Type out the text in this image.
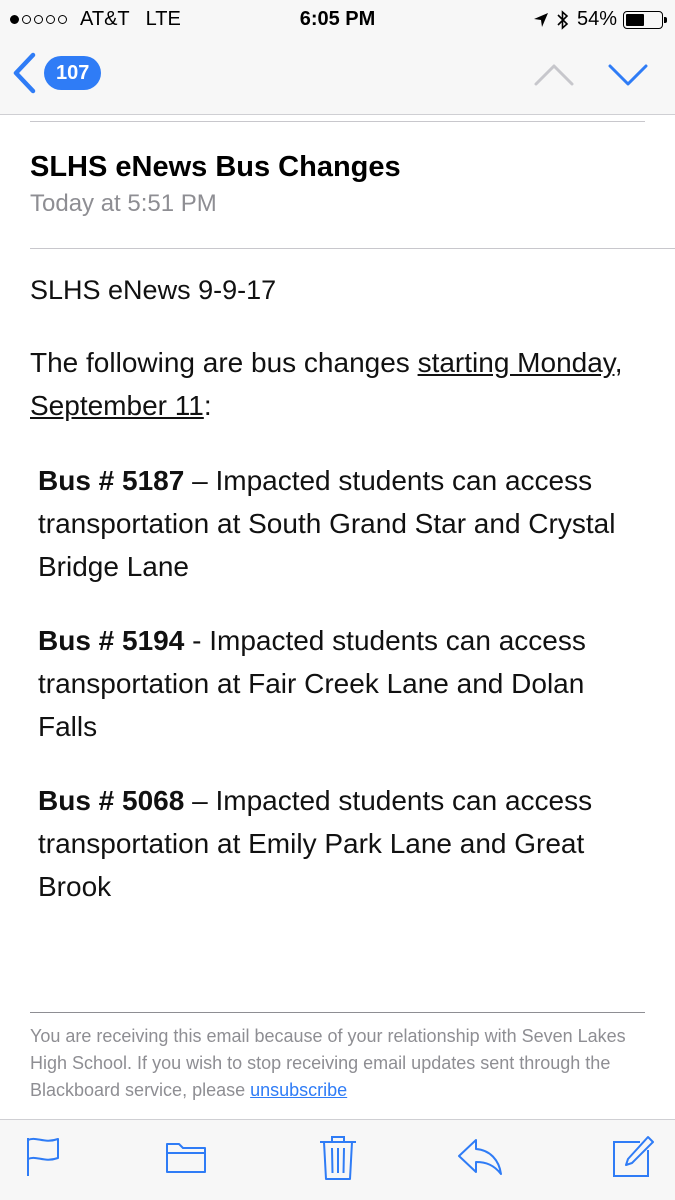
AT&T LTE	6:05 PM	54%
107
SLHS eNews Bus Changes
Today at 5:51 PM
SLHS eNews 9-9-17
The following are bus changes starting Monday, September 11:
Bus # 5187 – Impacted students can access transportation at South Grand Star and Crystal Bridge Lane
Bus # 5194 - Impacted students can access transportation at Fair Creek Lane and Dolan Falls
Bus # 5068 – Impacted students can access transportation at Emily Park Lane and Great Brook
You are receiving this email because of your relationship with Seven Lakes High School. If you wish to stop receiving email updates sent through the Blackboard service, please unsubscribe
